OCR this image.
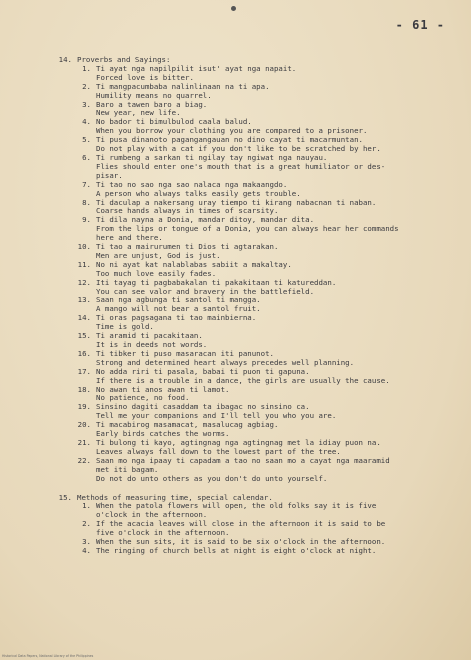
- 61 -
14. Proverbs and Sayings:
1. Ti ayat nga napilpilit isut' ayat nga napait.
Forced love is bitter.
2. Ti mangpacumbaba nalinlinaan na ti apa.
Humility means no quarrel.
3. Baro a tawen baro a biag.
New year, new life.
4. No bador ti bimulbulod caala balud.
When you borrow your clothing you are compared to a prisoner.
5. Ti pusa dinanoto pagangangauan no dino cayat ti macarmuntan.
Do not play with a cat if you don't like to be scratched by her.
6. Ti rumbeng a sarkan ti ngilay tay ngiwat nga nauyau.
Flies should enter one's mouth that is a great humiliator or des-
pisar.
7. Ti tao no sao nga sao nalaca nga makaangdo.
A person who always talks easily gets trouble.
8. Ti daculap a nakersang uray tiempo ti kirang nabacnan ti naban.
Coarse hands always in times of scarsity.
9. Ti dila nayna a Donia, mandar ditoy, mandar dita.
From the lips or tongue of a Donia, you can always hear her commands
here and there.
10. Ti tao a mairurumen ti Dios ti agtarakan.
Men are unjust, God is just.
11. No ni ayat kat nalablabas sabiit a makaltay.
Too much love easily fades.
12. Iti tayag ti pagbabakalan ti pakakitaan ti katureddan.
You can see valor and bravery in the battlefield.
13. Saan nga agbunga ti santol ti mangga.
A mango will not bear a santol fruit.
14. Ti oras pagsagana ti tao mainbierna.
Time is gold.
15. Ti aramid ti pacakitaan.
It is in deeds not words.
16. Ti tibker ti puso masaracan iti panunot.
Strong and determined heart always precedes well planning.
17. No adda riri ti pasala, babai ti puon ti gapuna.
If there is a trouble in a dance, the girls are usually the cause.
18. No awan ti anos awan ti lamot.
No patience, no food.
19. Sinsino dagiti casaddam ta ibagac no sinsino ca.
Tell me your companions and I'll tell you who you are.
20. Ti macabirog masamacat, masalucag agbiag.
Early birds catches the worms.
21. Ti bulong ti kayo, agtingnag nga agtingnag met la idiay puon na.
Leaves always fall down to the lowest part of the tree.
22. Saan mo nga ipaay ti capadam a tao no saan mo a cayat nga maaramid
met iti bagam.
Do not do unto others as you don't do unto yourself.
15. Methods of measuring time, special calendar.
1. When the patola flowers will open, the old folks say it is five
o'clock in the afternoon.
2. If the acacia leaves will close in the afternoon it is said to be
five o'clock in the afternoon.
3. When the sun sits, it is said to be six o'clock in the afternoon.
4. The ringing of church bells at night is eight o'clock at night.
Historical Data Papers, National Library of the Philippines
